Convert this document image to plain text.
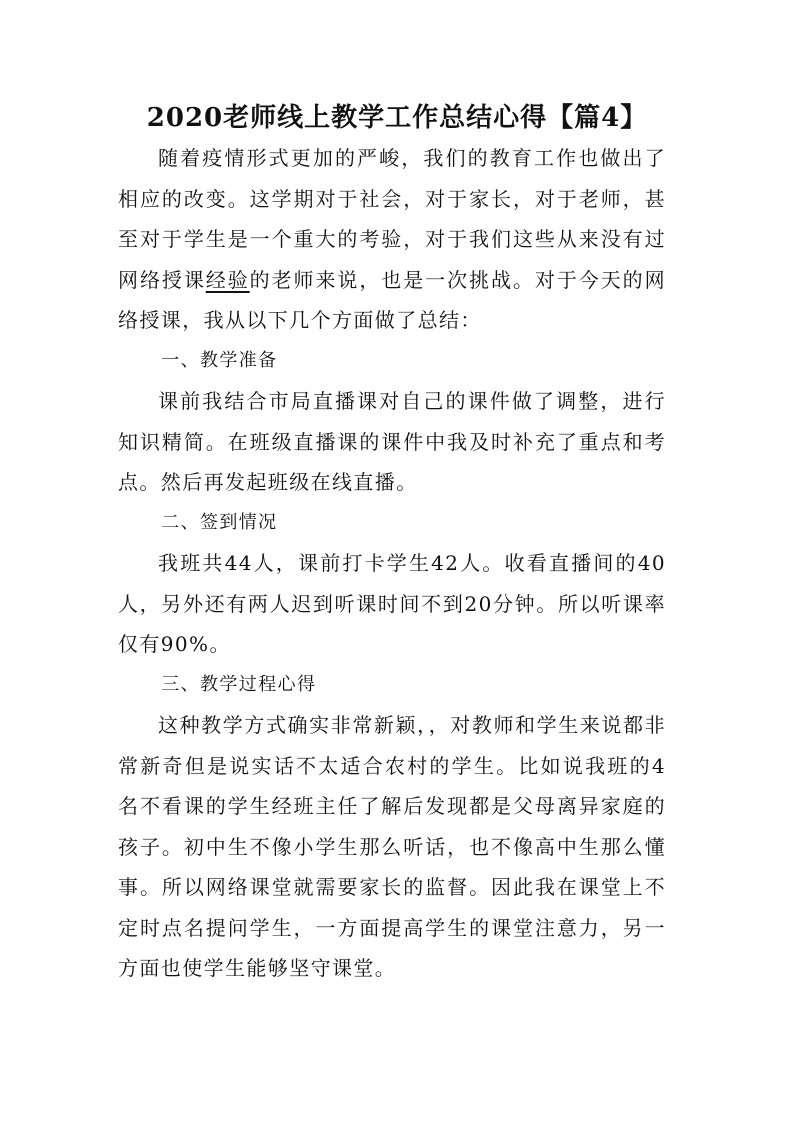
2020老师线上教学工作总结心得【篇4】

随着疫情形式更加的严峻，我们的教育工作也做出了相应的改变。这学期对于社会，对于家长，对于老师，甚至对于学生是一个重大的考验，对于我们这些从来没有过网络授课经验的老师来说，也是一次挑战。对于今天的网络授课，我从以下几个方面做了总结：

一、教学准备

课前我结合市局直播课对自己的课件做了调整，进行知识精简。在班级直播课的课件中我及时补充了重点和考点。然后再发起班级在线直播。

二、签到情况

我班共44人，课前打卡学生42人。收看直播间的40人，另外还有两人迟到听课时间不到20分钟。所以听课率仅有90%。

三、教学过程心得

这种教学方式确实非常新颖，，对教师和学生来说都非常新奇但是说实话不太适合农村的学生。比如说我班的4名不看课的学生经班主任了解后发现都是父母离异家庭的孩子。初中生不像小学生那么听话，也不像高中生那么懂事。所以网络课堂就需要家长的监督。因此我在课堂上不定时点名提问学生，一方面提高学生的课堂注意力，另一方面也使学生能够坚守课堂。
